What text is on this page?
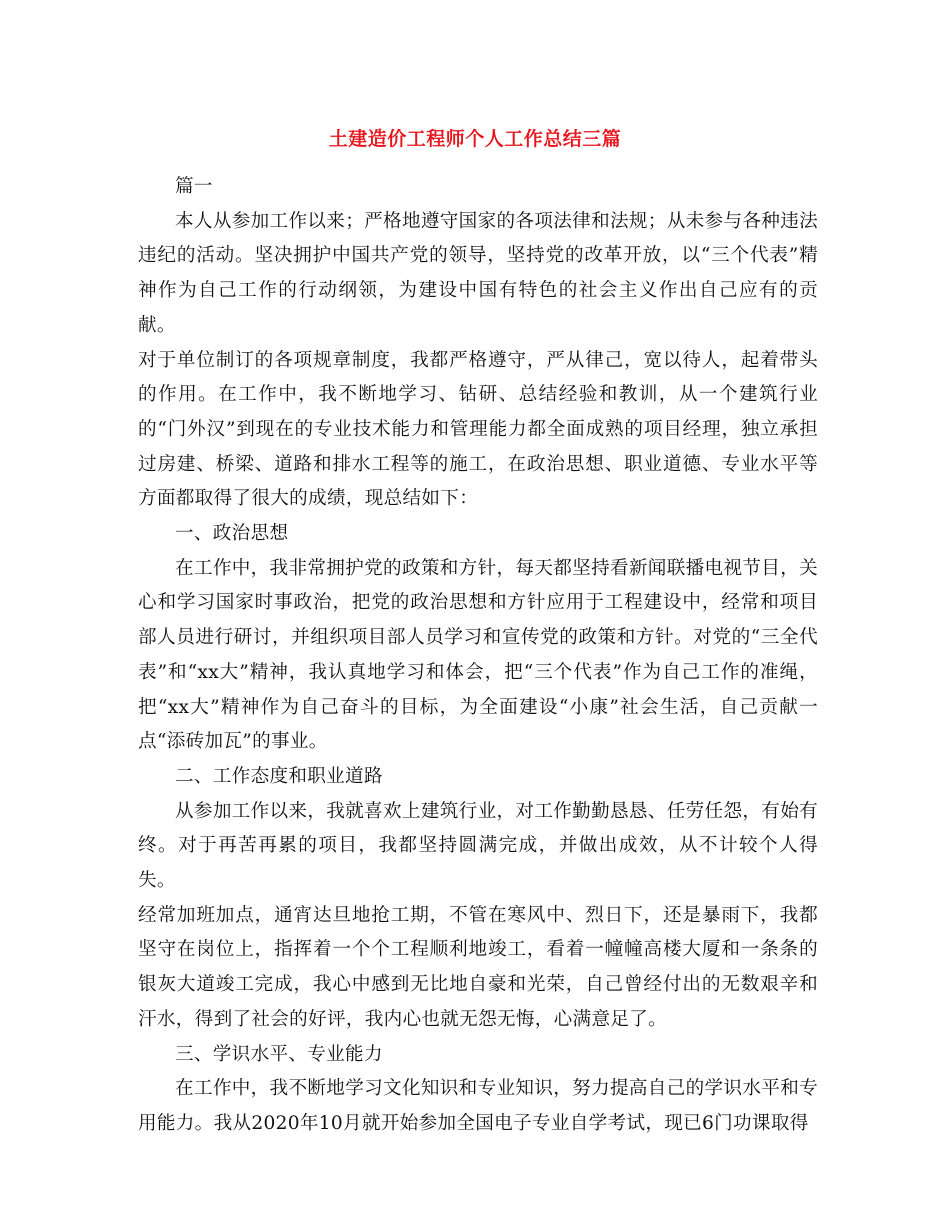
土建造价工程师个人工作总结三篇

篇一

本人从参加工作以来；严格地遵守国家的各项法律和法规；从未参与各种违法违纪的活动。坚决拥护中国共产党的领导，坚持党的改革开放，以“三个代表”精神作为自己工作的行动纲领，为建设中国有特色的社会主义作出自己应有的贡献。

对于单位制订的各项规章制度，我都严格遵守，严从律己，宽以待人，起着带头的作用。在工作中，我不断地学习、钻研、总结经验和教训，从一个建筑行业的“门外汉”到现在的专业技术能力和管理能力都全面成熟的项目经理，独立承担过房建、桥梁、道路和排水工程等的施工，在政治思想、职业道德、专业水平等方面都取得了很大的成绩，现总结如下：

一、政治思想

在工作中，我非常拥护党的政策和方针，每天都坚持看新闻联播电视节目，关心和学习国家时事政治，把党的政治思想和方针应用于工程建设中，经常和项目部人员进行研讨，并组织项目部人员学习和宣传党的政策和方针。对党的“三全代表”和“xx大”精神，我认真地学习和体会，把“三个代表”作为自己工作的准绳，把“xx大”精神作为自己奋斗的目标，为全面建设“小康”社会生活，自己贡献一点“添砖加瓦”的事业。

二、工作态度和职业道路

从参加工作以来，我就喜欢上建筑行业，对工作勤勤恳恳、任劳任怨，有始有终。对于再苦再累的项目，我都坚持圆满完成，并做出成效，从不计较个人得失。

经常加班加点，通宵达旦地抢工期，不管在寒风中、烈日下，还是暴雨下，我都坚守在岗位上，指挥着一个个工程顺利地竣工，看着一幢幢高楼大厦和一条条的银灰大道竣工完成，我心中感到无比地自豪和光荣，自己曾经付出的无数艰辛和汗水，得到了社会的好评，我内心也就无怨无悔，心满意足了。

三、学识水平、专业能力

在工作中，我不断地学习文化知识和专业知识，努力提高自己的学识水平和专用能力。我从2020年10月就开始参加全国电子专业自学考试，现已6门功课取得
